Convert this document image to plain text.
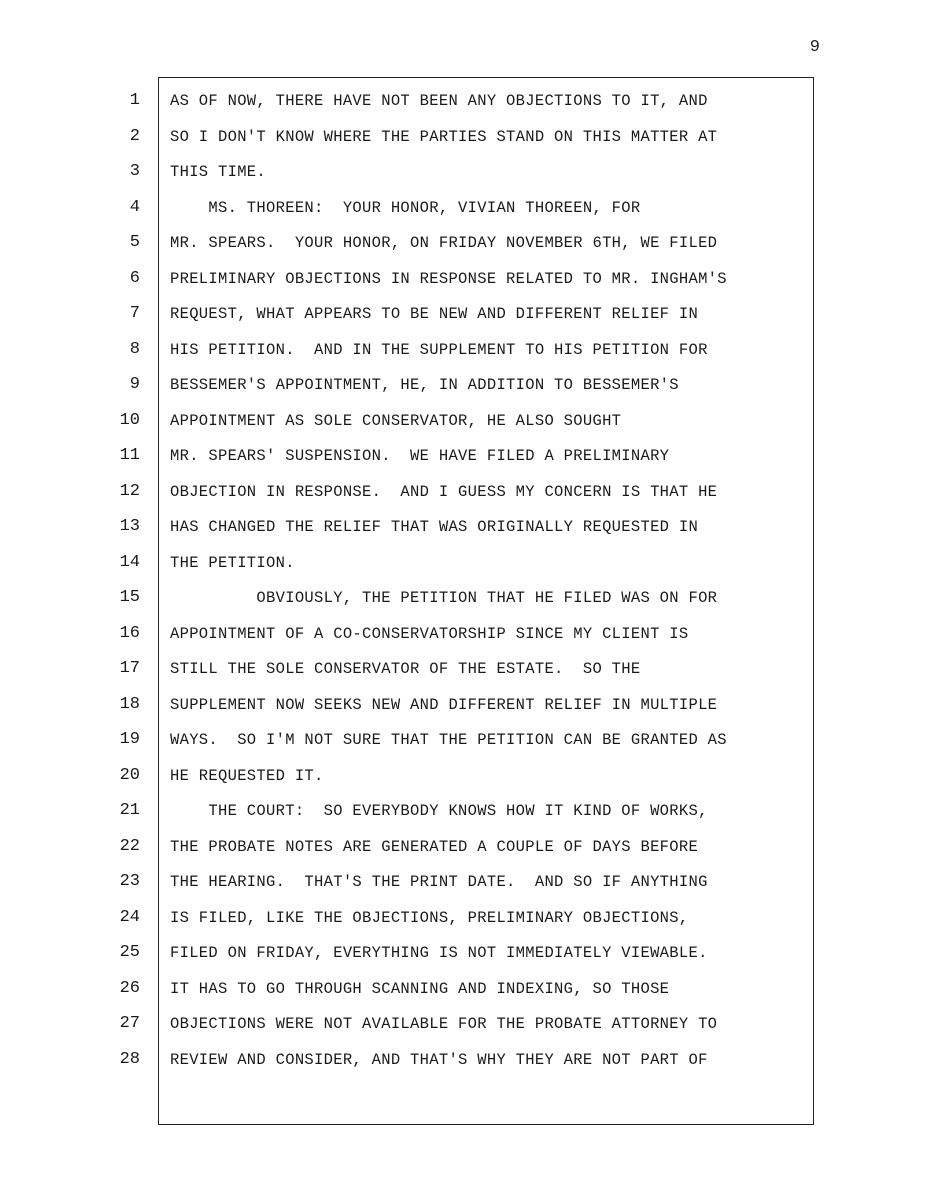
9
1
2
3
4
5
6
7
8
9
10
11
12
13
14
15
16
17
18
19
20
21
22
23
24
25
26
27
28
AS OF NOW, THERE HAVE NOT BEEN ANY OBJECTIONS TO IT, AND
SO I DON'T KNOW WHERE THE PARTIES STAND ON THIS MATTER AT
THIS TIME.
MS. THOREEN:  YOUR HONOR, VIVIAN THOREEN, FOR
MR. SPEARS.  YOUR HONOR, ON FRIDAY NOVEMBER 6TH, WE FILED
PRELIMINARY OBJECTIONS IN RESPONSE RELATED TO MR. INGHAM'S
REQUEST, WHAT APPEARS TO BE NEW AND DIFFERENT RELIEF IN
HIS PETITION.  AND IN THE SUPPLEMENT TO HIS PETITION FOR
BESSEMER'S APPOINTMENT, HE, IN ADDITION TO BESSEMER'S
APPOINTMENT AS SOLE CONSERVATOR, HE ALSO SOUGHT
MR. SPEARS' SUSPENSION.  WE HAVE FILED A PRELIMINARY
OBJECTION IN RESPONSE.  AND I GUESS MY CONCERN IS THAT HE
HAS CHANGED THE RELIEF THAT WAS ORIGINALLY REQUESTED IN
THE PETITION.
OBVIOUSLY, THE PETITION THAT HE FILED WAS ON FOR
APPOINTMENT OF A CO-CONSERVATORSHIP SINCE MY CLIENT IS
STILL THE SOLE CONSERVATOR OF THE ESTATE.  SO THE
SUPPLEMENT NOW SEEKS NEW AND DIFFERENT RELIEF IN MULTIPLE
WAYS.  SO I'M NOT SURE THAT THE PETITION CAN BE GRANTED AS
HE REQUESTED IT.
THE COURT:  SO EVERYBODY KNOWS HOW IT KIND OF WORKS,
THE PROBATE NOTES ARE GENERATED A COUPLE OF DAYS BEFORE
THE HEARING.  THAT'S THE PRINT DATE.  AND SO IF ANYTHING
IS FILED, LIKE THE OBJECTIONS, PRELIMINARY OBJECTIONS,
FILED ON FRIDAY, EVERYTHING IS NOT IMMEDIATELY VIEWABLE.
IT HAS TO GO THROUGH SCANNING AND INDEXING, SO THOSE
OBJECTIONS WERE NOT AVAILABLE FOR THE PROBATE ATTORNEY TO
REVIEW AND CONSIDER, AND THAT'S WHY THEY ARE NOT PART OF
